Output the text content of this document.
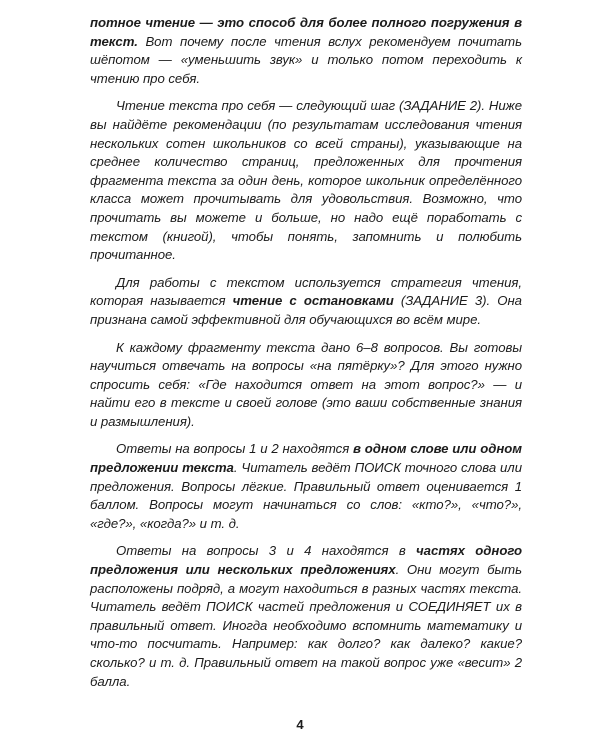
потное чтение — это способ для более полного погружения в текст. Вот почему после чтения вслух рекомендуем почитать шёпотом — «уменьшить звук» и только потом переходить к чтению про себя.

Чтение текста про себя — следующий шаг (ЗАДАНИЕ 2). Ниже вы найдёте рекомендации (по результатам исследования чтения нескольких сотен школьников со всей страны), указывающие на среднее количество страниц, предложенных для прочтения фрагмента текста за один день, которое школьник определённого класса может прочитывать для удовольствия. Возможно, что прочитать вы можете и больше, но надо ещё поработать с текстом (книгой), чтобы понять, запомнить и полюбить прочитанное.

Для работы с текстом используется стратегия чтения, которая называется чтение с остановками (ЗАДАНИЕ 3). Она признана самой эффективной для обучающихся во всём мире.

К каждому фрагменту текста дано 6–8 вопросов. Вы готовы научиться отвечать на вопросы «на пятёрку»? Для этого нужно спросить себя: «Где находится ответ на этот вопрос?» — и найти его в тексте и своей голове (это ваши собственные знания и размышления).

Ответы на вопросы 1 и 2 находятся в одном слове или одном предложении текста. Читатель ведёт ПОИСК точного слова или предложения. Вопросы лёгкие. Правильный ответ оценивается 1 баллом. Вопросы могут начинаться со слов: «кто?», «что?», «где?», «когда?» и т. д.

Ответы на вопросы 3 и 4 находятся в частях одного предложения или нескольких предложениях. Они могут быть расположены подряд, а могут находиться в разных частях текста. Читатель ведёт ПОИСК частей предложения и СОЕДИНЯЕТ их в правильный ответ. Иногда необходимо вспомнить математику и что-то посчитать. Например: как долго? как далеко? какие? сколько? и т. д. Правильный ответ на такой вопрос уже «весит» 2 балла.

4
